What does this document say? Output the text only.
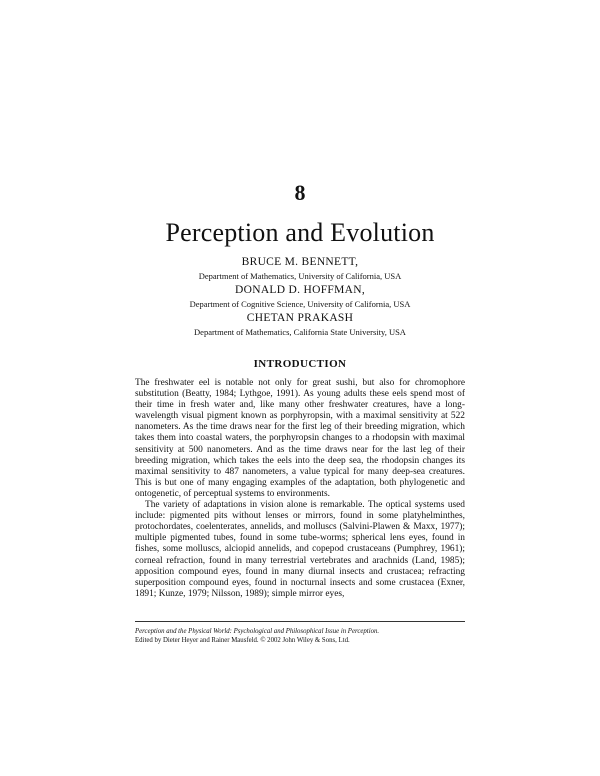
8
Perception and Evolution
BRUCE M. BENNETT,
Department of Mathematics, University of California, USA
DONALD D. HOFFMAN,
Department of Cognitive Science, University of California, USA
CHETAN PRAKASH
Department of Mathematics, California State University, USA
INTRODUCTION

The freshwater eel is notable not only for great sushi, but also for chromophore substitution (Beatty, 1984; Lythgoe, 1991). As young adults these eels spend most of their time in fresh water and, like many other freshwater creatures, have a long-wavelength visual pigment known as porphyropsin, with a maximal sensitivity at 522 nanometers. As the time draws near for the first leg of their breeding migration, which takes them into coastal waters, the porphyropsin changes to a rhodopsin with maximal sensitivity at 500 nanometers. And as the time draws near for the last leg of their breeding migration, which takes the eels into the deep sea, the rhodopsin changes its maximal sensitivity to 487 nanometers, a value typical for many deep-sea creatures. This is but one of many engaging examples of the adaptation, both phylogenetic and ontogenetic, of perceptual systems to environments.

The variety of adaptations in vision alone is remarkable. The optical systems used include: pigmented pits without lenses or mirrors, found in some platyhelminthes, protochordates, coelenterates, annelids, and molluscs (Salvini-Plawen & Maxx, 1977); multiple pigmented tubes, found in some tube-worms; spherical lens eyes, found in fishes, some molluscs, alciopid annelids, and copepod crustaceans (Pumphrey, 1961); corneal refraction, found in many terrestrial vertebrates and arachnids (Land, 1985); apposition compound eyes, found in many diurnal insects and crustacea; refracting superposition compound eyes, found in nocturnal insects and some crustacea (Exner, 1891; Kunze, 1979; Nilsson, 1989); simple mirror eyes,

Perception and the Physical World: Psychological and Philosophical Issue in Perception.
Edited by Dieter Heyer and Rainer Mausfeld. © 2002 John Wiley & Sons, Ltd.
